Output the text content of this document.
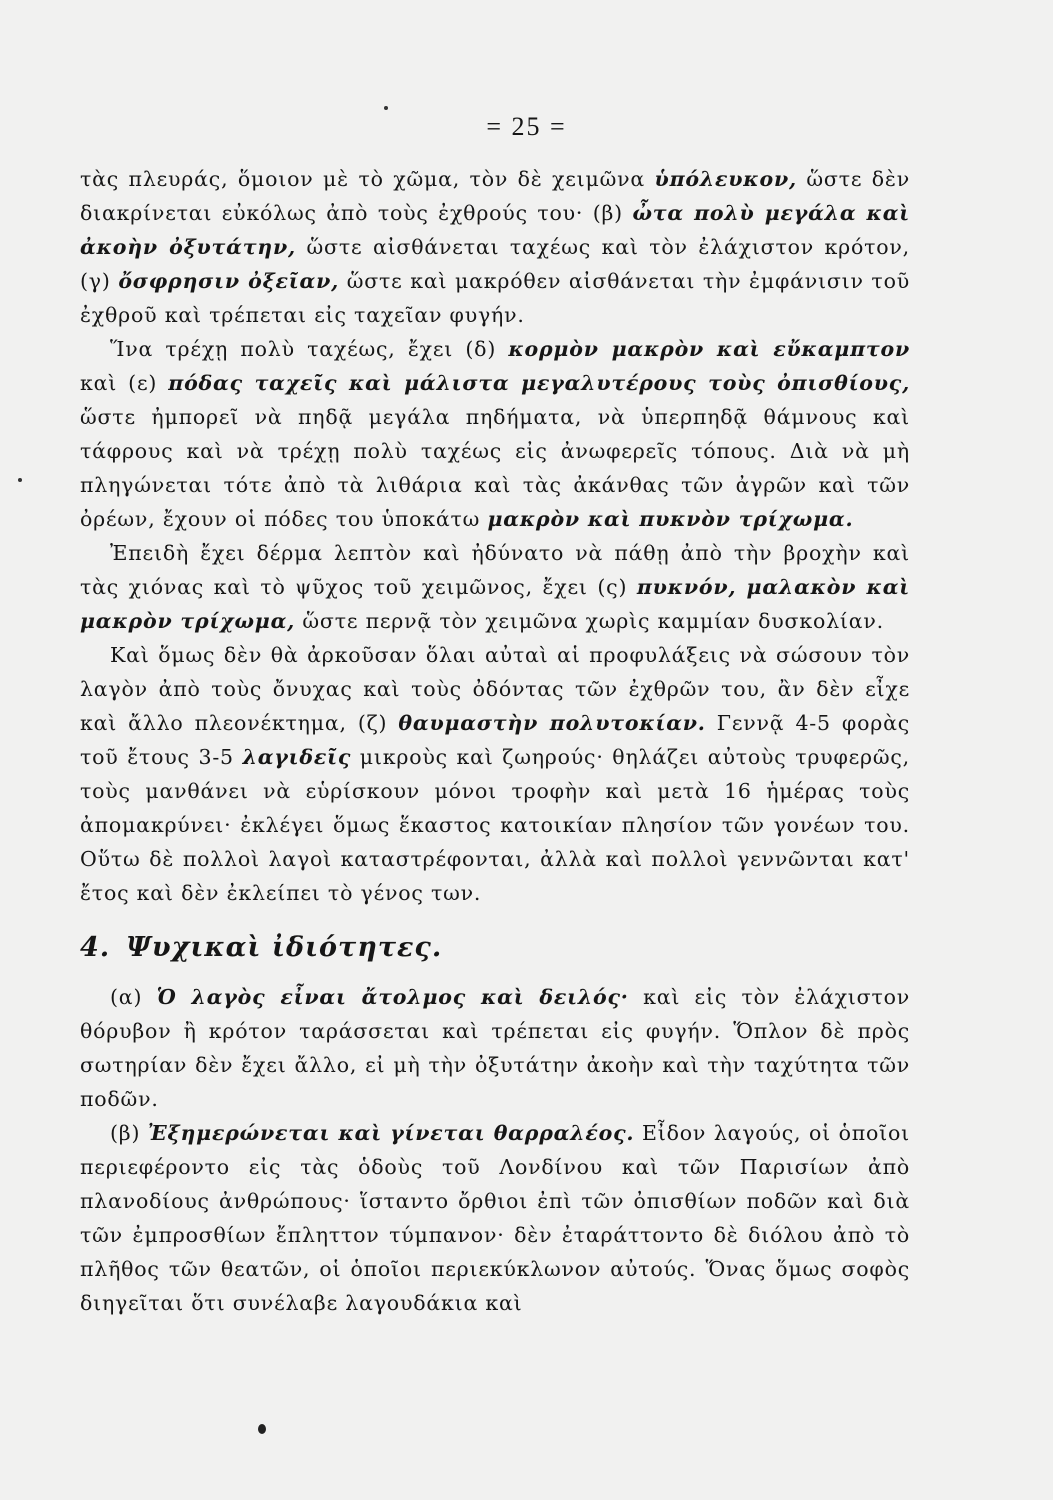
= 25 =

τὰς πλευράς, ὅμοιον μὲ τὸ χῶμα, τὸν δὲ χειμῶνα ὑπόλευκον, ὥστε δὲν διακρίνεται εὐκόλως ἀπὸ τοὺς ἐχθρούς του· (β) ὦτα πολὺ μεγάλα καὶ ἀκοὴν ὀξυτάτην, ὥστε αἰσθάνεται ταχέως καὶ τὸν ἐλάχιστον κρότον, (γ) ὄσφρησιν ὀξεῖαν, ὥστε καὶ μακρόθεν αἰσθάνεται τὴν ἐμφάνισιν τοῦ ἐχθροῦ καὶ τρέπεται εἰς ταχεῖαν φυγήν.

Ἵνα τρέχῃ πολὺ ταχέως, ἔχει (δ) κορμὸν μακρὸν καὶ εὔκαμπτον καὶ (ε) πόδας ταχεῖς καὶ μάλιστα μεγαλυτέρους τοὺς ὀπισθίους, ὥστε ἠμπορεῖ νὰ πηδᾷ μεγάλα πηδήματα, νὰ ὑπερπηδᾷ θάμνους καὶ τάφρους καὶ νὰ τρέχῃ πολὺ ταχέως εἰς ἀνωφερεῖς τόπους. Διὰ νὰ μὴ πληγώνεται τότε ἀπὸ τὰ λιθάρια καὶ τὰς ἀκάνθας τῶν ἀγρῶν καὶ τῶν ὀρέων, ἔχουν οἱ πόδες του ὑποκάτω μακρὸν καὶ πυκνὸν τρίχωμα.

Ἐπειδὴ ἔχει δέρμα λεπτὸν καὶ ἠδύνατο νὰ πάθῃ ἀπὸ τὴν βροχὴν καὶ τὰς χιόνας καὶ τὸ ψῦχος τοῦ χειμῶνος, ἔχει (ς) πυκνόν, μαλακὸν καὶ μακρὸν τρίχωμα, ὥστε περνᾷ τὸν χειμῶνα χωρὶς καμμίαν δυσκολίαν.

Καὶ ὅμως δὲν θὰ ἀρκοῦσαν ὅλαι αὐταὶ αἱ προφυλάξεις νὰ σώσουν τὸν λαγὸν ἀπὸ τοὺς ὄνυχας καὶ τοὺς ὀδόντας τῶν ἐχθρῶν του, ἂν δὲν εἶχε καὶ ἄλλο πλεονέκτημα, (ζ) θαυμαστὴν πολυτοκίαν. Γεννᾷ 4-5 φορὰς τοῦ ἔτους 3-5 λαγιδεῖς μικροὺς καὶ ζωηρούς· θηλάζει αὐτοὺς τρυφερῶς, τοὺς μανθάνει νὰ εὑρίσκουν μόνοι τροφὴν καὶ μετὰ 16 ἡμέρας τοὺς ἀπομακρύνει· ἐκλέγει ὅμως ἕκαστος κατοικίαν πλησίον τῶν γονέων του. Οὕτω δὲ πολλοὶ λαγοὶ καταστρέφονται, ἀλλὰ καὶ πολλοὶ γεννῶνται κατ' ἔτος καὶ δὲν ἐκλείπει τὸ γένος των.

4. Ψυχικαὶ ἰδιότητες.

(α) Ὁ λαγὸς εἶναι ἄτολμος καὶ δειλός· καὶ εἰς τὸν ἐλάχιστον θόρυβον ἢ κρότον ταράσσεται καὶ τρέπεται εἰς φυγήν. Ὅπλον δὲ πρὸς σωτηρίαν δὲν ἔχει ἄλλο, εἰ μὴ τὴν ὀξυτάτην ἀκοὴν καὶ τὴν ταχύτητα τῶν ποδῶν.

(β) Ἐξημερώνεται καὶ γίνεται θαρραλέος. Εἶδον λαγούς, οἱ ὁποῖοι περιεφέροντο εἰς τὰς ὁδοὺς τοῦ Λονδίνου καὶ τῶν Παρισίων ἀπὸ πλανοδίους ἀνθρώπους· ἵσταντο ὄρθιοι ἐπὶ τῶν ὀπισθίων ποδῶν καὶ διὰ τῶν ἐμπροσθίων ἔπληττον τύμπανον· δὲν ἐταράττοντο δὲ διόλου ἀπὸ τὸ πλῆθος τῶν θεατῶν, οἱ ὁποῖοι περιεκύκλωνον αὐτούς. Ὅνας ὅμως σοφὸς διηγεῖται ὅτι συνέλαβε λαγουδάκια καὶ
